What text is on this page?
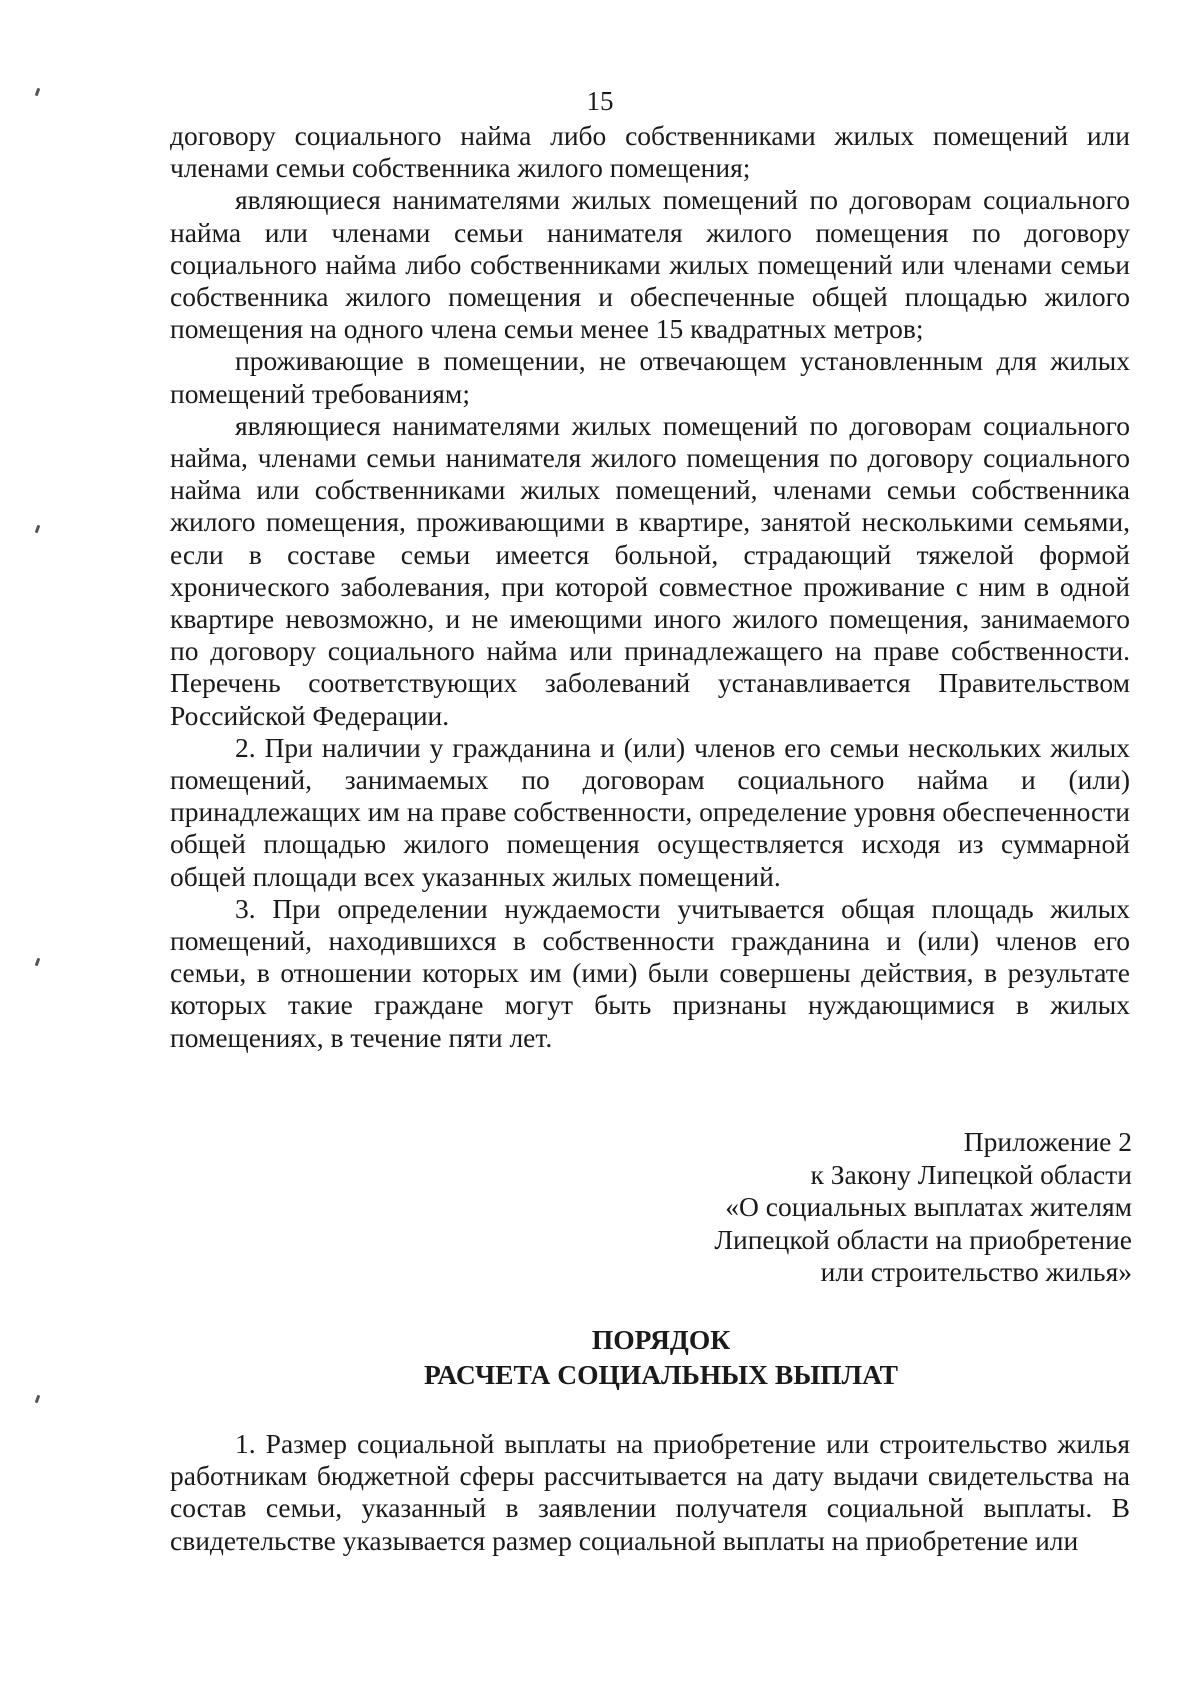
15

договору социального найма либо собственниками жилых помещений или членами семьи собственника жилого помещения;

являющиеся нанимателями жилых помещений по договорам социального найма или членами семьи нанимателя жилого помещения по договору социального найма либо собственниками жилых помещений или членами семьи собственника жилого помещения и обеспеченные общей площадью жилого помещения на одного члена семьи менее 15 квадратных метров;

проживающие в помещении, не отвечающем установленным для жилых помещений требованиям;

являющиеся нанимателями жилых помещений по договорам социального найма, членами семьи нанимателя жилого помещения по договору социального найма или собственниками жилых помещений, членами семьи собственника жилого помещения, проживающими в квартире, занятой несколькими семьями, если в составе семьи имеется больной, страдающий тяжелой формой хронического заболевания, при которой совместное проживание с ним в одной квартире невозможно, и не имеющими иного жилого помещения, занимаемого по договору социального найма или принадлежащего на праве собственности. Перечень соответствующих заболеваний устанавливается Правительством Российской Федерации.

2. При наличии у гражданина и (или) членов его семьи нескольких жилых помещений, занимаемых по договорам социального найма и (или) принадлежащих им на праве собственности, определение уровня обеспеченности общей площадью жилого помещения осуществляется исходя из суммарной общей площади всех указанных жилых помещений.

3. При определении нуждаемости учитывается общая площадь жилых помещений, находившихся в собственности гражданина и (или) членов его семьи, в отношении которых им (ими) были совершены действия, в результате которых такие граждане могут быть признаны нуждающимися в жилых помещениях, в течение пяти лет.

Приложение 2
к Закону Липецкой области
«О социальных выплатах жителям
Липецкой области на приобретение
или строительство жилья»
ПОРЯДОК
РАСЧЕТА СОЦИАЛЬНЫХ ВЫПЛАТ

1. Размер социальной выплаты на приобретение или строительство жилья работникам бюджетной сферы рассчитывается на дату выдачи свидетельства на состав семьи, указанный в заявлении получателя социальной выплаты. В свидетельстве указывается размер социальной выплаты на приобретение или
